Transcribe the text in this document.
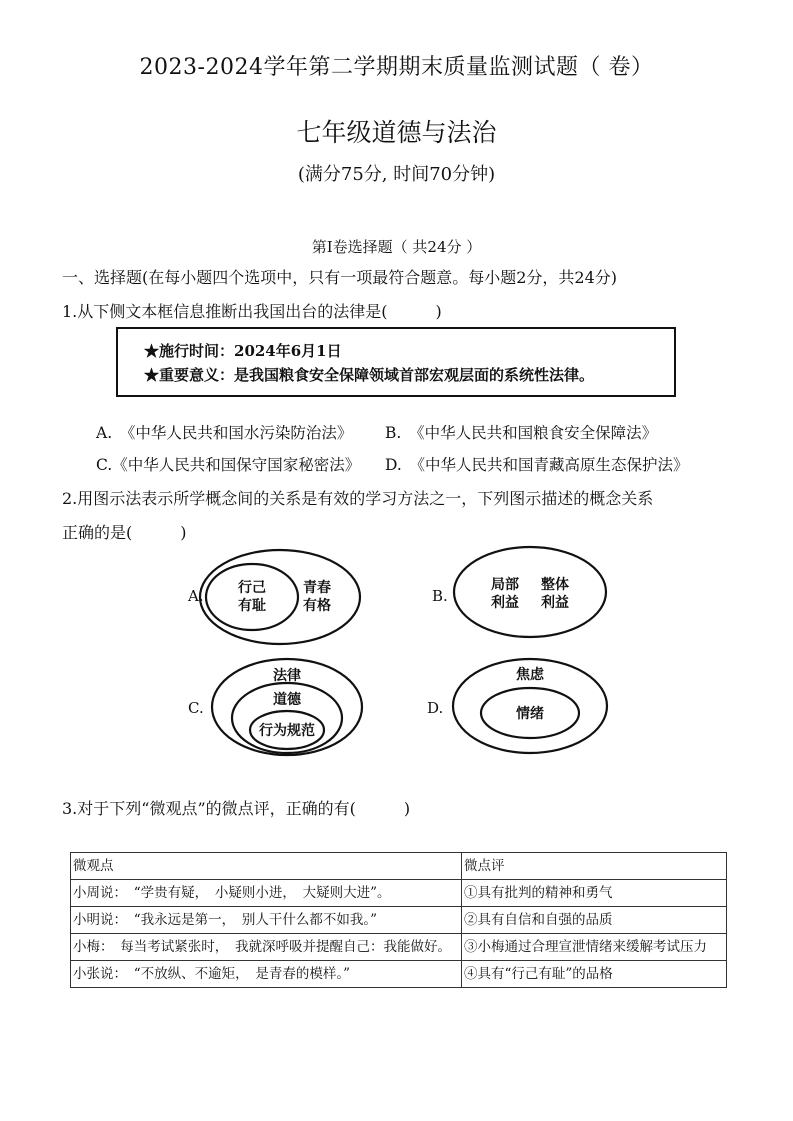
2023-2024学年第二学期期末质量监测试题（ 卷）
七年级道德与法治
(满分75分, 时间70分钟)
第Ⅰ卷选择题（ 共24分 ）
一、选择题(在每小题四个选项中，只有一项最符合题意。每小题2分，共24分)
1.从下侧文本框信息推断出我国出台的法律是(　　　)
★施行时间：2024年6月1日
★重要意义：是我国粮食安全保障领域首部宏观层面的系统性法律。
A.　《中华人民共和国水污染防治法》 B.　《中华人民共和国粮食安全保障法》
C.《中华人民共和国保守国家秘密法》 D.　《中华人民共和国青藏高原生态保护法》
2.用图示法表示所学概念间的关系是有效的学习方法之一，下列图示描述的概念关系
正确的是(　　　)
A. 行己
有耻
青春
有格
B.
局部
利益
整体
利益
C.
法律
道德
行为规范
D.
焦虑
情绪
3.对于下列“微观点”的微点评，正确的有(　　　)
微观点	微点评
小周说：　“学贵有疑，　小疑则小进，　大疑则大进”。	①具有批判的精神和勇气
小明说：　“我永远是第一，　别人干什么都不如我。”	②具有自信和自强的品质
小梅：　每当考试紧张时，　我就深呼吸并提醒自己：我能做好。	③小梅通过合理宣泄情绪来缓解考试压力
小张说：　“不放纵、不逾矩，　是青春的模样。”	④具有“行己有耻”的品格
